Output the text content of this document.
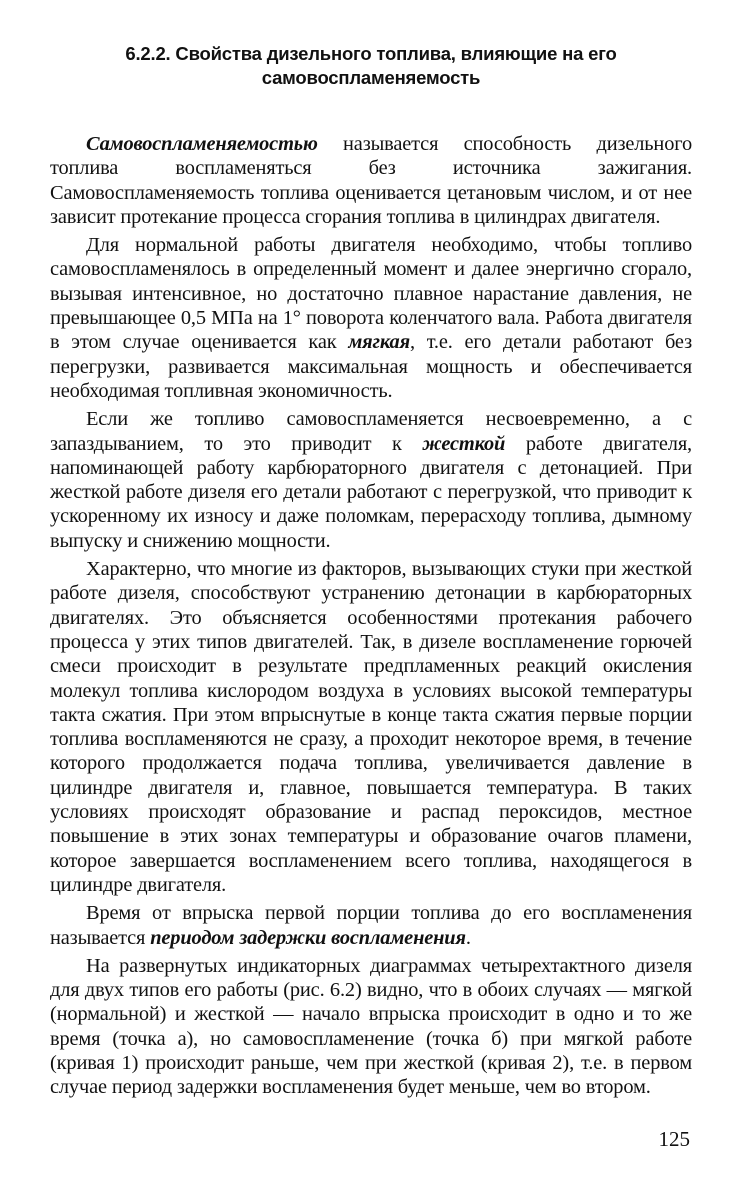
6.2.2. Свойства дизельного топлива, влияющие на его
самовоспламеняемость

Самовоспламеняемостью называется способность дизельного топлива воспламеняться без источника зажигания. Самовоспламеняемость топлива оценивается цетановым числом, и от нее зависит протекание процесса сгорания топлива в цилиндрах двигателя.

Для нормальной работы двигателя необходимо, чтобы топливо самовоспламенялось в определенный момент и далее энергично сгорало, вызывая интенсивное, но достаточно плавное нарастание давления, не превышающее 0,5 МПа на 1° поворота коленчатого вала. Работа двигателя в этом случае оценивается как мягкая, т.е. его детали работают без перегрузки, развивается максимальная мощность и обеспечивается необходимая топливная экономичность.

Если же топливо самовоспламеняется несвоевременно, а с запаздыванием, то это приводит к жесткой работе двигателя, напоминающей работу карбюраторного двигателя с детонацией. При жесткой работе дизеля его детали работают с перегрузкой, что приводит к ускоренному их износу и даже поломкам, перерасходу топлива, дымному выпуску и снижению мощности.

Характерно, что многие из факторов, вызывающих стуки при жесткой работе дизеля, способствуют устранению детонации в карбюраторных двигателях. Это объясняется особенностями протекания рабочего процесса у этих типов двигателей. Так, в дизеле воспламенение горючей смеси происходит в результате предпламенных реакций окисления молекул топлива кислородом воздуха в условиях высокой температуры такта сжатия. При этом впрыснутые в конце такта сжатия первые порции топлива воспламеняются не сразу, а проходит некоторое время, в течение которого продолжается подача топлива, увеличивается давление в цилиндре двигателя и, главное, повышается температура. В таких условиях происходят образование и распад пероксидов, местное повышение в этих зонах температуры и образование очагов пламени, которое завершается воспламенением всего топлива, находящегося в цилиндре двигателя.

Время от впрыска первой порции топлива до его воспламенения называется периодом задержки воспламенения.

На развернутых индикаторных диаграммах четырехтактного дизеля для двух типов его работы (рис. 6.2) видно, что в обоих случаях — мягкой (нормальной) и жесткой — начало впрыска происходит в одно и то же время (точка а), но самовоспламенение (точка б) при мягкой работе (кривая 1) происходит раньше, чем при жесткой (кривая 2), т.е. в первом случае период задержки воспламенения будет меньше, чем во втором.

125
